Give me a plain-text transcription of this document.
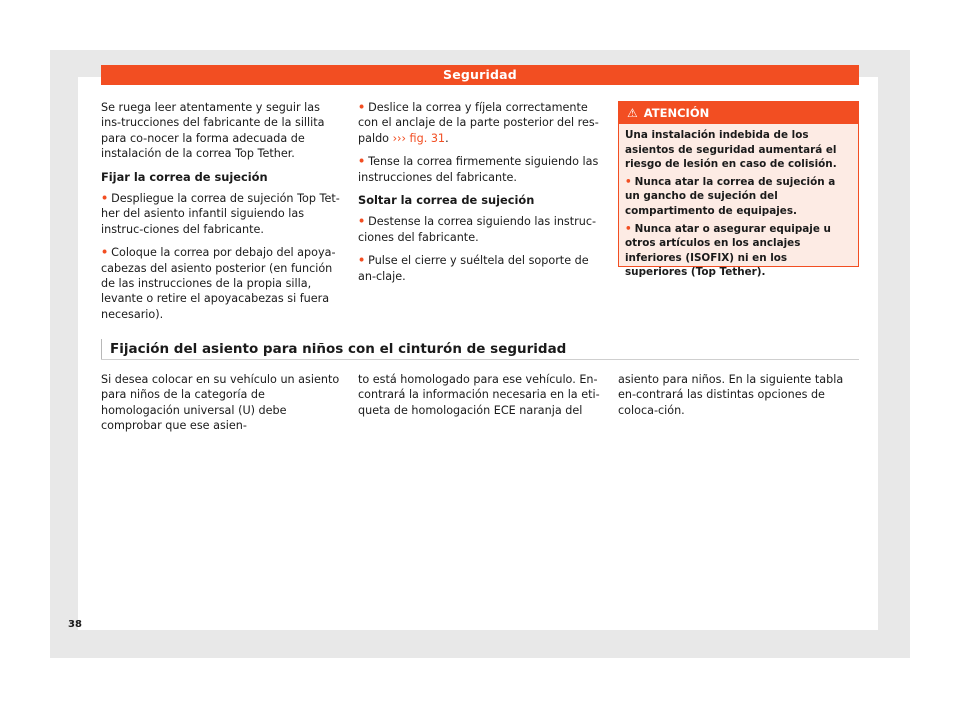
Seguridad

Se ruega leer atentamente y seguir las ins-trucciones del fabricante de la sillita para co-nocer la forma adecuada de instalación de la correa Top Tether.

Fijar la correa de sujeción

• Despliegue la correa de sujeción Top Tet-her del asiento infantil siguiendo las instruc-ciones del fabricante.

• Coloque la correa por debajo del apoya-cabezas del asiento posterior (en función de las instrucciones de la propia silla, levante o retire el apoyacabezas si fuera necesario).

• Deslice la correa y fíjela correctamente con el anclaje de la parte posterior del res-paldo ››› fig. 31.

• Tense la correa firmemente siguiendo las instrucciones del fabricante.

Soltar la correa de sujeción

• Destense la correa siguiendo las instruc-ciones del fabricante.

• Pulse el cierre y suéltela del soporte de an-claje.

⚠ ATENCIÓN

Una instalación indebida de los asientos de seguridad aumentará el riesgo de lesión en caso de colisión.

• Nunca atar la correa de sujeción a un gancho de sujeción del compartimento de equipajes.

• Nunca atar o asegurar equipaje u otros artículos en los anclajes inferiores (ISOFIX) ni en los superiores (Top Tether).

Fijación del asiento para niños con el cinturón de seguridad

Si desea colocar en su vehículo un asiento para niños de la categoría de homologación universal (U) debe comprobar que ese asien-

to está homologado para ese vehículo. En-contrará la información necesaria en la eti-queta de homologación ECE naranja del

asiento para niños. En la siguiente tabla en-contrará las distintas opciones de coloca-ción.

38
